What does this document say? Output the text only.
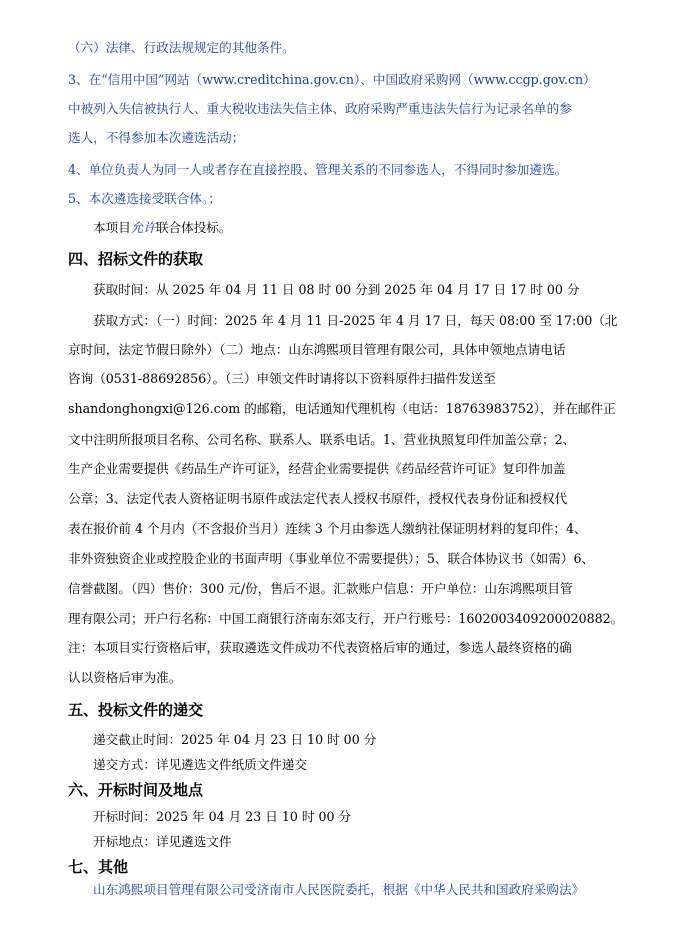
（六）法律、行政法规规定的其他条件。
3、在“信用中国”网站（www.creditchina.gov.cn）、中国政府采购网（www.ccgp.gov.cn）
中被列入失信被执行人、重大税收违法失信主体、政府采购严重违法失信行为记录名单的参
选人，不得参加本次遴选活动；
4、单位负责人为同一人或者存在直接控股、管理关系的不同参选人，不得同时参加遴选。
5、本次遴选接受联合体。；
本项目允许联合体投标。
四、招标文件的获取
获取时间：从 2025 年 04 月 11 日 08 时 00 分到 2025 年 04 月 17 日 17 时 00 分
获取方式：（一）时间：2025 年 4 月 11 日-2025 年 4 月 17 日，每天 08:00 至 17:00（北
京时间，法定节假日除外）（二）地点：山东鸿熙项目管理有限公司，具体申领地点请电话
咨询（0531-88692856）。（三）申领文件时请将以下资料原件扫描件发送至
shandonghongxi@126.com 的邮箱，电话通知代理机构（电话：18763983752），并在邮件正
文中注明所报项目名称、公司名称、联系人、联系电话。1、营业执照复印件加盖公章；2、
生产企业需要提供《药品生产许可证》，经营企业需要提供《药品经营许可证》复印件加盖
公章；3、法定代表人资格证明书原件或法定代表人授权书原件，授权代表身份证和授权代
表在报价前 4 个月内（不含报价当月）连续 3 个月由参选人缴纳社保证明材料的复印件；4、
非外资独资企业或控股企业的书面声明（事业单位不需要提供）；5、联合体协议书（如需）6、
信誉截图。（四）售价：300 元/份，售后不退。汇款账户信息：开户单位：山东鸿熙项目管
理有限公司；开户行名称：中国工商银行济南东郊支行，开户行账号：1602003409200020882。
注：本项目实行资格后审，获取遴选文件成功不代表资格后审的通过，参选人最终资格的确
认以资格后审为准。
五、投标文件的递交
递交截止时间：2025 年 04 月 23 日 10 时 00 分
递交方式：详见遴选文件纸质文件递交
六、开标时间及地点
开标时间：2025 年 04 月 23 日 10 时 00 分
开标地点：详见遴选文件
七、其他
山东鸿熙项目管理有限公司受济南市人民医院委托，根据《中华人民共和国政府采购法》
